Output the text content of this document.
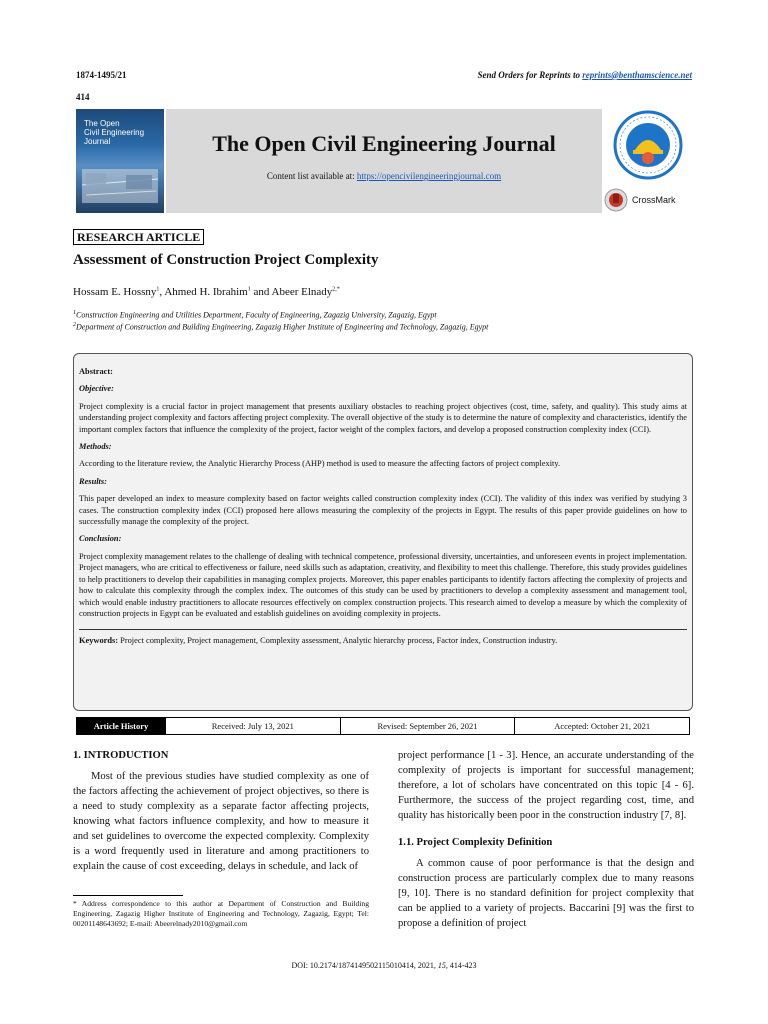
1874-1495/21	Send Orders for Reprints to reprints@benthamscience.net
414
The Open
Civil Engineering
Journal	The Open Civil Engineering Journal
Content list available at: https://opencivilengineeringjournal.com
CrossMark
RESEARCH ARTICLE
Assessment of Construction Project Complexity
Hossam E. Hossny$^1$, Ahmed H. Ibrahim$^1$ and Abeer Elnady$^{2,*}$
$^1$Construction Engineering and Utilities Department, Faculty of Engineering, Zagazig University, Zagazig, Egypt
$^2$Department of Construction and Building Engineering, Zagazig Higher Institute of Engineering and Technology, Zagazig, Egypt

Abstract:

Objective:

Project complexity is a crucial factor in project management that presents auxiliary obstacles to reaching project objectives (cost, time, safety, and quality). This study aims at understanding project complexity and factors affecting project complexity. The overall objective of the study is to determine the nature of complexity and characteristics, identify the important complex factors that influence the complexity of the project, factor weight of the complex factors, and develop a proposed construction complexity index (CCI).

Methods:

According to the literature review, the Analytic Hierarchy Process (AHP) method is used to measure the affecting factors of project complexity.

Results:

This paper developed an index to measure complexity based on factor weights called construction complexity index (CCI). The validity of this index was verified by studying 3 cases. The construction complexity index (CCI) proposed here allows measuring the complexity of the projects in Egypt. The results of this paper provide guidelines on how to successfully manage the complexity of the project.

Conclusion:

Project complexity management relates to the challenge of dealing with technical competence, professional diversity, uncertainties, and unforeseen events in project implementation. Project managers, who are critical to effectiveness or failure, need skills such as adaptation, creativity, and flexibility to meet this challenge. Therefore, this study provides guidelines to help practitioners to develop their capabilities in managing complex projects. Moreover, this paper enables participants to identify factors affecting the complexity of projects and how to calculate this complexity through the complex index. The outcomes of this study can be used by practitioners to develop a complexity assessment and management tool, which would enable industry practitioners to allocate resources effectively on complex construction projects. This research aimed to develop a measure by which the complexity of construction projects in Egypt can be evaluated and establish guidelines on avoiding complexity in projects.

Keywords: Project complexity, Project management, Complexity assessment, Analytic hierarchy process, Factor index, Construction industry.
Article History	Received: July 13, 2021	Revised: September 26, 2021	Accepted: October 21, 2021

1. INTRODUCTION

Most of the previous studies have studied complexity as one of the factors affecting the achievement of project objectives, so there is a need to study complexity as a separate factor affecting projects, knowing what factors influence complexity, and how to measure it and set guidelines to overcome the expected complexity. Complexity is a word frequently used in literature and among practitioners to explain the cause of cost exceeding, delays in schedule, and lack of

* Address correspondence to this author at Department of Construction and Building Engineering, Zagazig Higher Institute of Engineering and Technology, Zagazig, Egypt; Tel: 00201148643692; E-mail: Abeerelnady2010@gmail.com

project performance [1 - 3]. Hence, an accurate understanding of the complexity of projects is important for successful management; therefore, a lot of scholars have concentrated on this topic [4 - 6]. Furthermore, the success of the project regarding cost, time, and quality has historically been poor in the construction industry [7, 8].

1.1. Project Complexity Definition

A common cause of poor performance is that the design and construction process are particularly complex due to many reasons [9, 10]. There is no standard definition for project complexity that can be applied to a variety of projects. Baccarini [9] was the first to propose a definition of project

DOI: 10.2174/1874149502115010414, 2021, 15, 414-423
